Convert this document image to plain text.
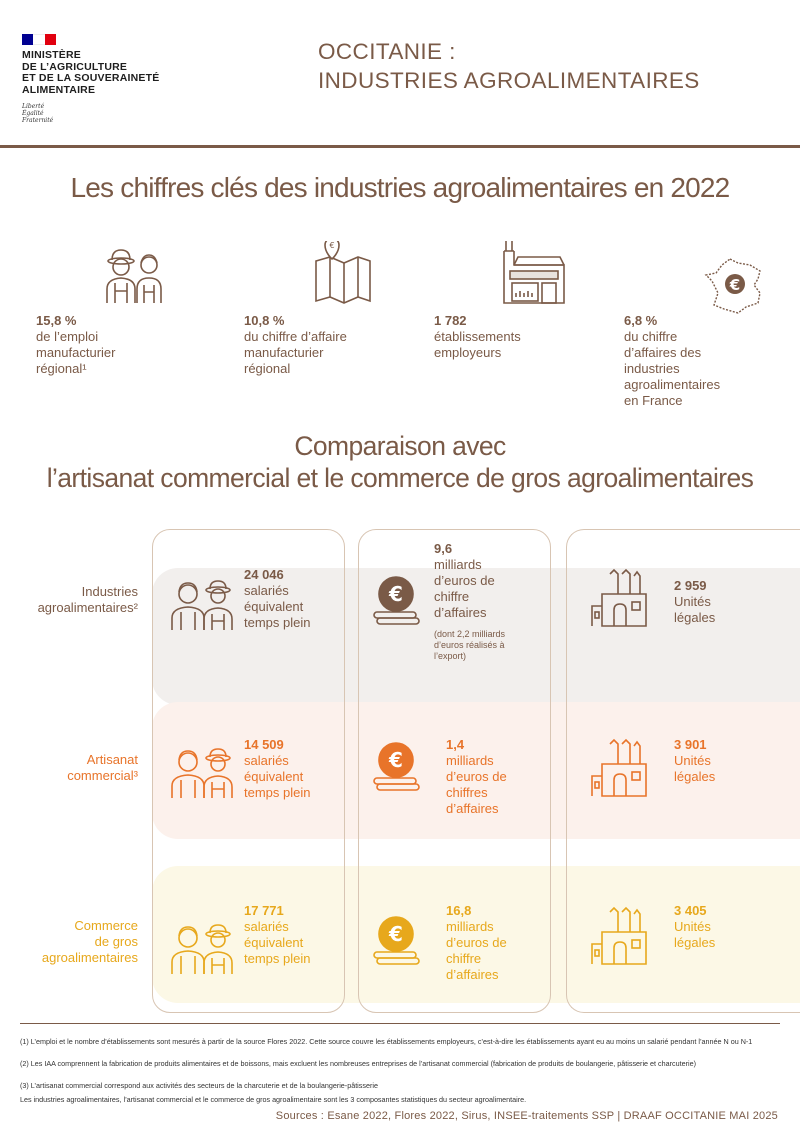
MINISTÈRE
DE L’AGRICULTURE
ET DE LA SOUVERAINETÉ
ALIMENTAIRE
Liberté
Égalité
Fraternité
OCCITANIE :
INDUSTRIES AGROALIMENTAIRES
Les chiffres clés des industries agroalimentaires en 2022
€
€
15,8 %
de l’emploi
manufacturier
régional¹
10,8 %
du chiffre d’affaire
manufacturier
régional
1 782
établissements
employeurs
6,8 %
du chiffre
d’affaires des
industries
agroalimentaires
en France
Comparaison avec
l’artisanat commercial et le commerce de gros agroalimentaires
Industries
agroalimentaires²
Artisanat
commercial³
Commerce
de gros
agroalimentaires
€
€
€
24 046
salariés
équivalent
temps plein
9,6
milliards
d’euros de
chiffre
d’affaires
(dont 2,2 milliards
d’euros réalisés à
l’export)
2 959
Unités
légales
14 509
salariés
équivalent
temps plein
1,4
milliards
d’euros de
chiffres
d’affaires
3 901
Unités
légales
17 771
salariés
équivalent
temps plein
16,8
milliards
d’euros de
chiffre
d’affaires
3 405
Unités
légales
(1) L’emploi et le nombre d’établissements sont mesurés à partir de la source Flores 2022. Cette source couvre les établissements employeurs, c’est-à-dire les établissements ayant eu au moins un salarié pendant l’année N ou N-1
(2) Les IAA comprennent la fabrication de produits alimentaires et de boissons, mais excluent les nombreuses entreprises de l’artisanat commercial (fabrication de produits de boulangerie, pâtisserie et charcuterie)
(3) L’artisanat commercial correspond aux activités des secteurs de la charcuterie et de la boulangerie-pâtisserie
Les industries agroalimentaires, l’artisanat commercial et le commerce de gros agroalimentaire sont les 3 composantes statistiques du secteur agroalimentaire.
Sources : Esane 2022, Flores 2022, Sirus, INSEE-traitements SSP | DRAAF OCCITANIE MAI 2025
